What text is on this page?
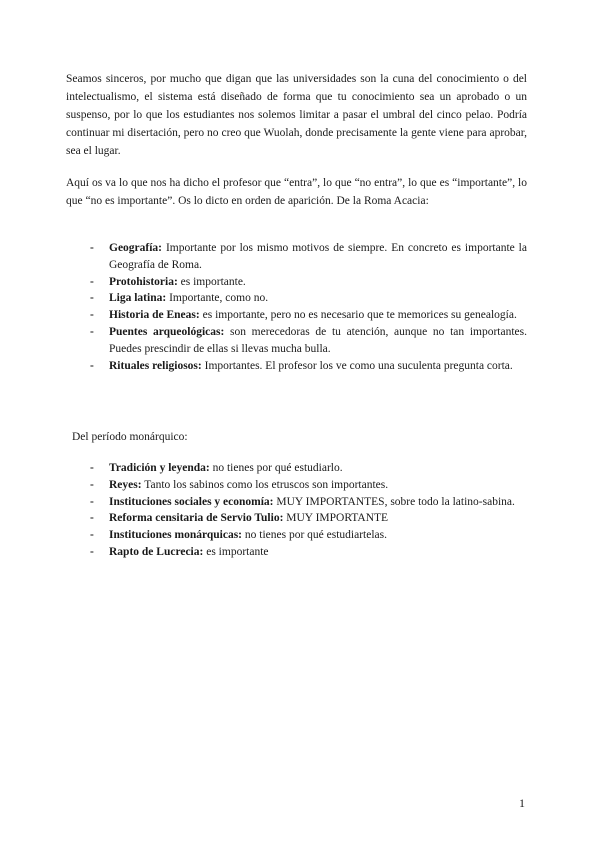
Seamos sinceros, por mucho que digan que las universidades son la cuna del conocimiento o del intelectualismo, el sistema está diseñado de forma que tu conocimiento sea un aprobado o un suspenso, por lo que los estudiantes nos solemos limitar a pasar el umbral del cinco pelao. Podría continuar mi disertación, pero no creo que Wuolah, donde precisamente la gente viene para aprobar, sea el lugar.

Aquí os va lo que nos ha dicho el profesor que “entra”, lo que “no entra”, lo que es “importante”, lo que “no es importante”. Os lo dicto en orden de aparición. De la Roma Acacia:

-	Geografía: Importante por los mismo motivos de siempre. En concreto es importante la Geografía de Roma.
-	Protohistoria: es importante.
-	Liga latina: Importante, como no.
-	Historia de Eneas: es importante, pero no es necesario que te memorices su genealogía.
-	Puentes arqueológicas: son merecedoras de tu atención, aunque no tan importantes. Puedes prescindir de ellas si llevas mucha bulla.
-	Rituales religiosos: Importantes. El profesor los ve como una suculenta pregunta corta.

Del período monárquico:

-	Tradición y leyenda: no tienes por qué estudiarlo.
-	Reyes: Tanto los sabinos como los etruscos son importantes.
-	Instituciones sociales y economía: MUY IMPORTANTES, sobre todo la latino-sabina.
-	Reforma censitaria de Servio Tulio: MUY IMPORTANTE
-	Instituciones monárquicas: no tienes por qué estudiartelas.
-	Rapto de Lucrecia: es importante
1
